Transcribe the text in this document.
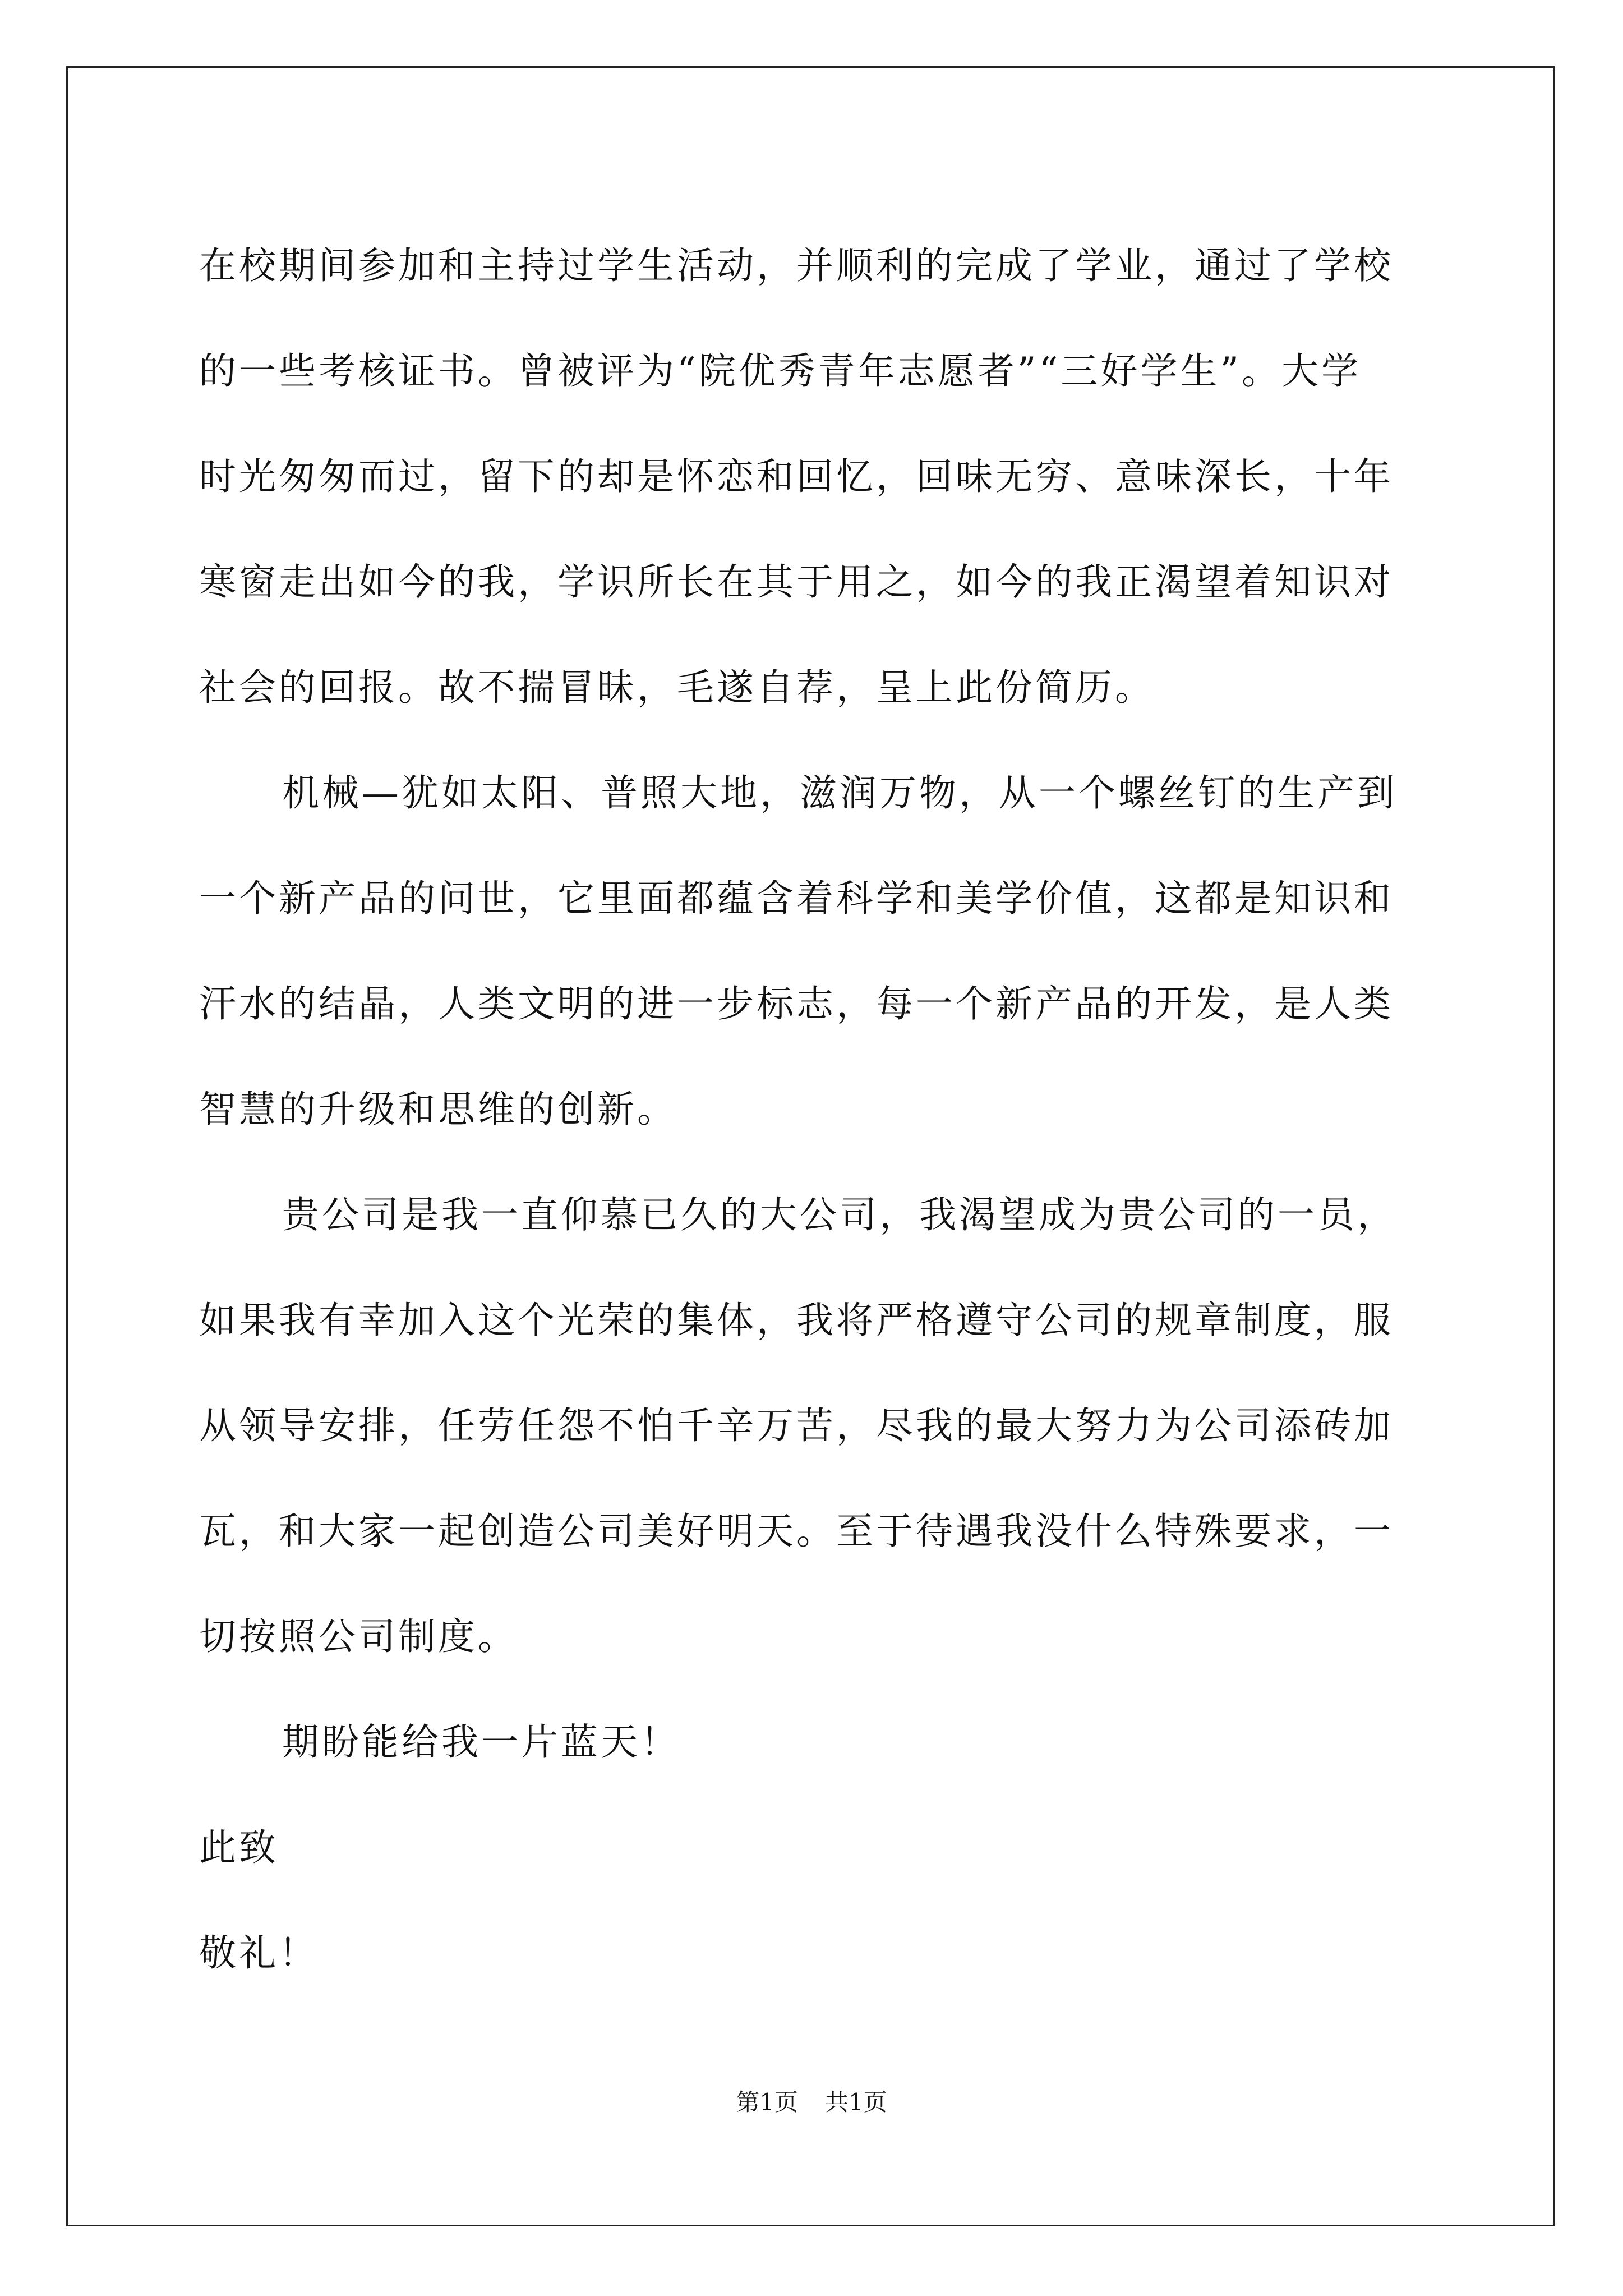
在校期间参加和主持过学生活动，并顺利的完成了学业，通过了学校
的一些考核证书。曾被评为“院优秀青年志愿者”“三好学生”。大学
时光匆匆而过，留下的却是怀恋和回忆，回味无穷、意味深长，十年
寒窗走出如今的我，学识所长在其于用之，如今的我正渴望着知识对
社会的回报。故不揣冒昧，毛遂自荐，呈上此份简历。
机械—犹如太阳、普照大地，滋润万物，从一个螺丝钉的生产到
一个新产品的问世，它里面都蕴含着科学和美学价值，这都是知识和
汗水的结晶，人类文明的进一步标志，每一个新产品的开发，是人类
智慧的升级和思维的创新。
贵公司是我一直仰慕已久的大公司，我渴望成为贵公司的一员，
如果我有幸加入这个光荣的集体，我将严格遵守公司的规章制度，服
从领导安排，任劳任怨不怕千辛万苦，尽我的最大努力为公司添砖加
瓦，和大家一起创造公司美好明天。至于待遇我没什么特殊要求，一
切按照公司制度。
期盼能给我一片蓝天！
此致
敬礼！
第1页 共1页
